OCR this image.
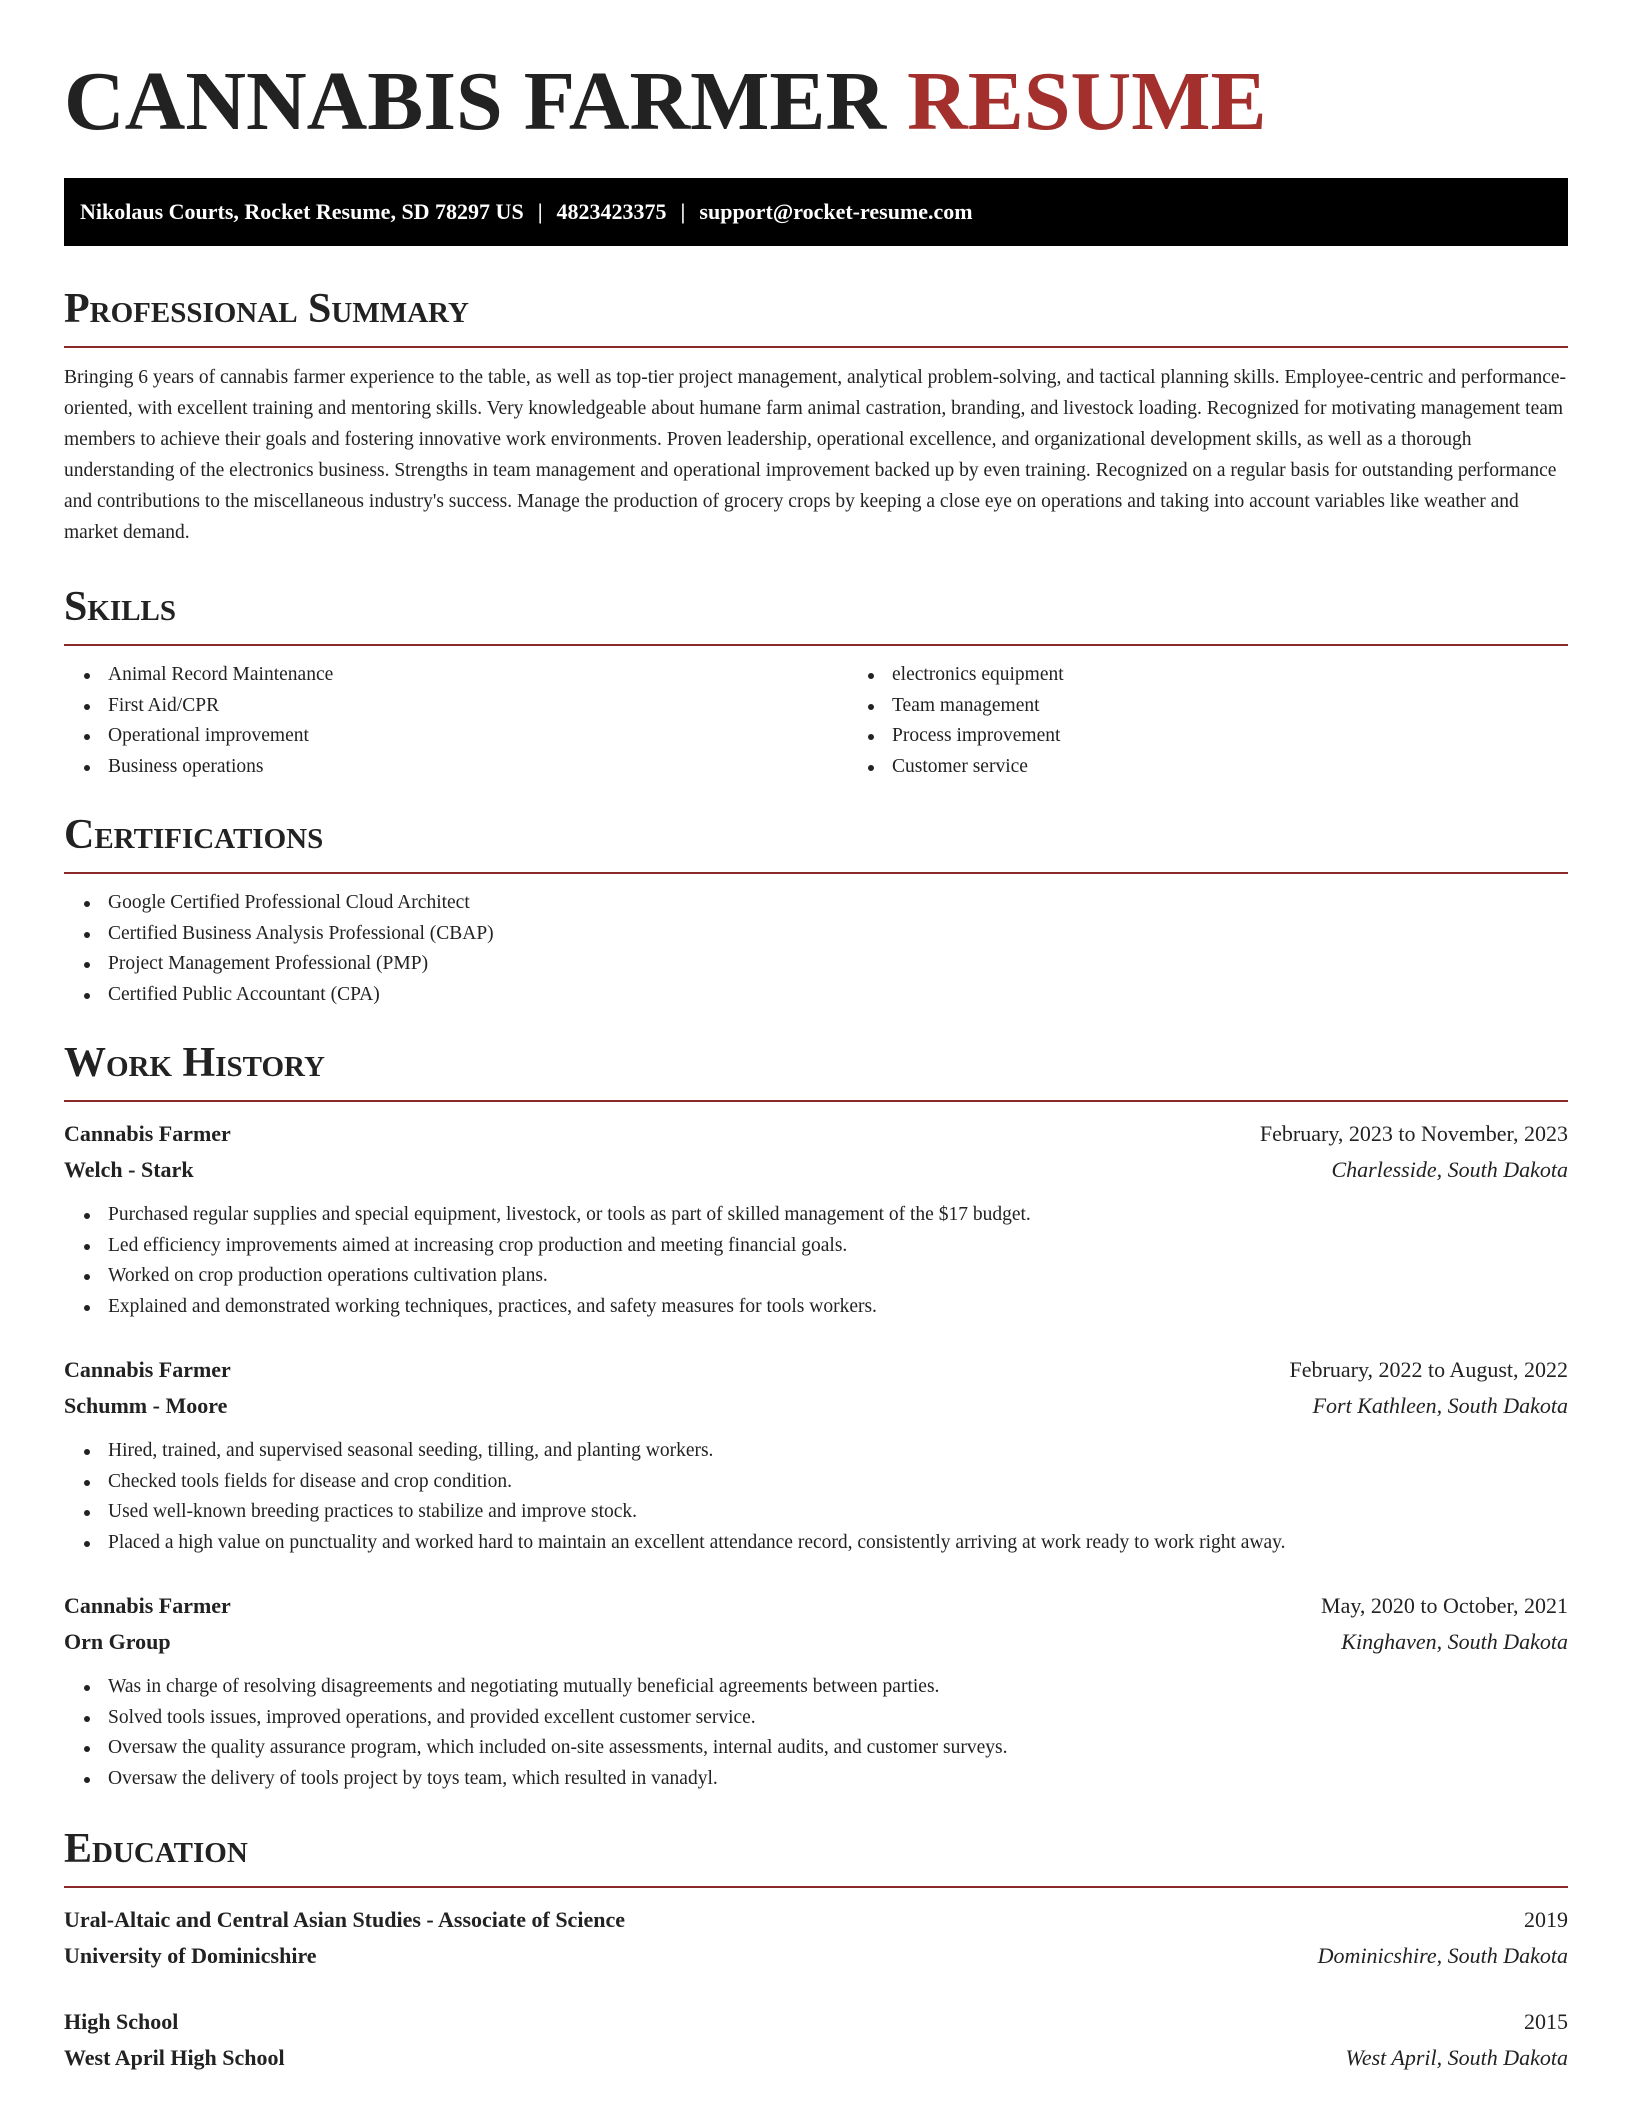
CANNABIS FARMER RESUME
Nikolaus Courts, Rocket Resume, SD 78297 US | 4823423375 | support@rocket-resume.com
Professional Summary

Bringing 6 years of cannabis farmer experience to the table, as well as top-tier project management, analytical problem-solving, and tactical planning skills. Employee-centric and performance-oriented, with excellent training and mentoring skills. Very knowledgeable about humane farm animal castration, branding, and livestock loading. Recognized for motivating management team members to achieve their goals and fostering innovative work environments. Proven leadership, operational excellence, and organizational development skills, as well as a thorough understanding of the electronics business. Strengths in team management and operational improvement backed up by even training. Recognized on a regular basis for outstanding performance and contributions to the miscellaneous industry's success. Manage the production of grocery crops by keeping a close eye on operations and taking into account variables like weather and market demand.

Skills
Animal Record Maintenance
First Aid/CPR
Operational improvement
Business operations
electronics equipment
Team management
Process improvement
Customer service
Certifications
Google Certified Professional Cloud Architect
Certified Business Analysis Professional (CBAP)
Project Management Professional (PMP)
Certified Public Accountant (CPA)
Work History
Cannabis Farmer	February, 2023 to November, 2023
Welch - Stark	Charlesside, South Dakota
Purchased regular supplies and special equipment, livestock, or tools as part of skilled management of the $17 budget.
Led efficiency improvements aimed at increasing crop production and meeting financial goals.
Worked on crop production operations cultivation plans.
Explained and demonstrated working techniques, practices, and safety measures for tools workers.
Cannabis Farmer	February, 2022 to August, 2022
Schumm - Moore	Fort Kathleen, South Dakota
Hired, trained, and supervised seasonal seeding, tilling, and planting workers.
Checked tools fields for disease and crop condition.
Used well-known breeding practices to stabilize and improve stock.
Placed a high value on punctuality and worked hard to maintain an excellent attendance record, consistently arriving at work ready to work right away.
Cannabis Farmer	May, 2020 to October, 2021
Orn Group	Kinghaven, South Dakota
Was in charge of resolving disagreements and negotiating mutually beneficial agreements between parties.
Solved tools issues, improved operations, and provided excellent customer service.
Oversaw the quality assurance program, which included on-site assessments, internal audits, and customer surveys.
Oversaw the delivery of tools project by toys team, which resulted in vanadyl.
Education
Ural-Altaic and Central Asian Studies - Associate of Science	2019
University of Dominicshire	Dominicshire, South Dakota
High School	2015
West April High School	West April, South Dakota
